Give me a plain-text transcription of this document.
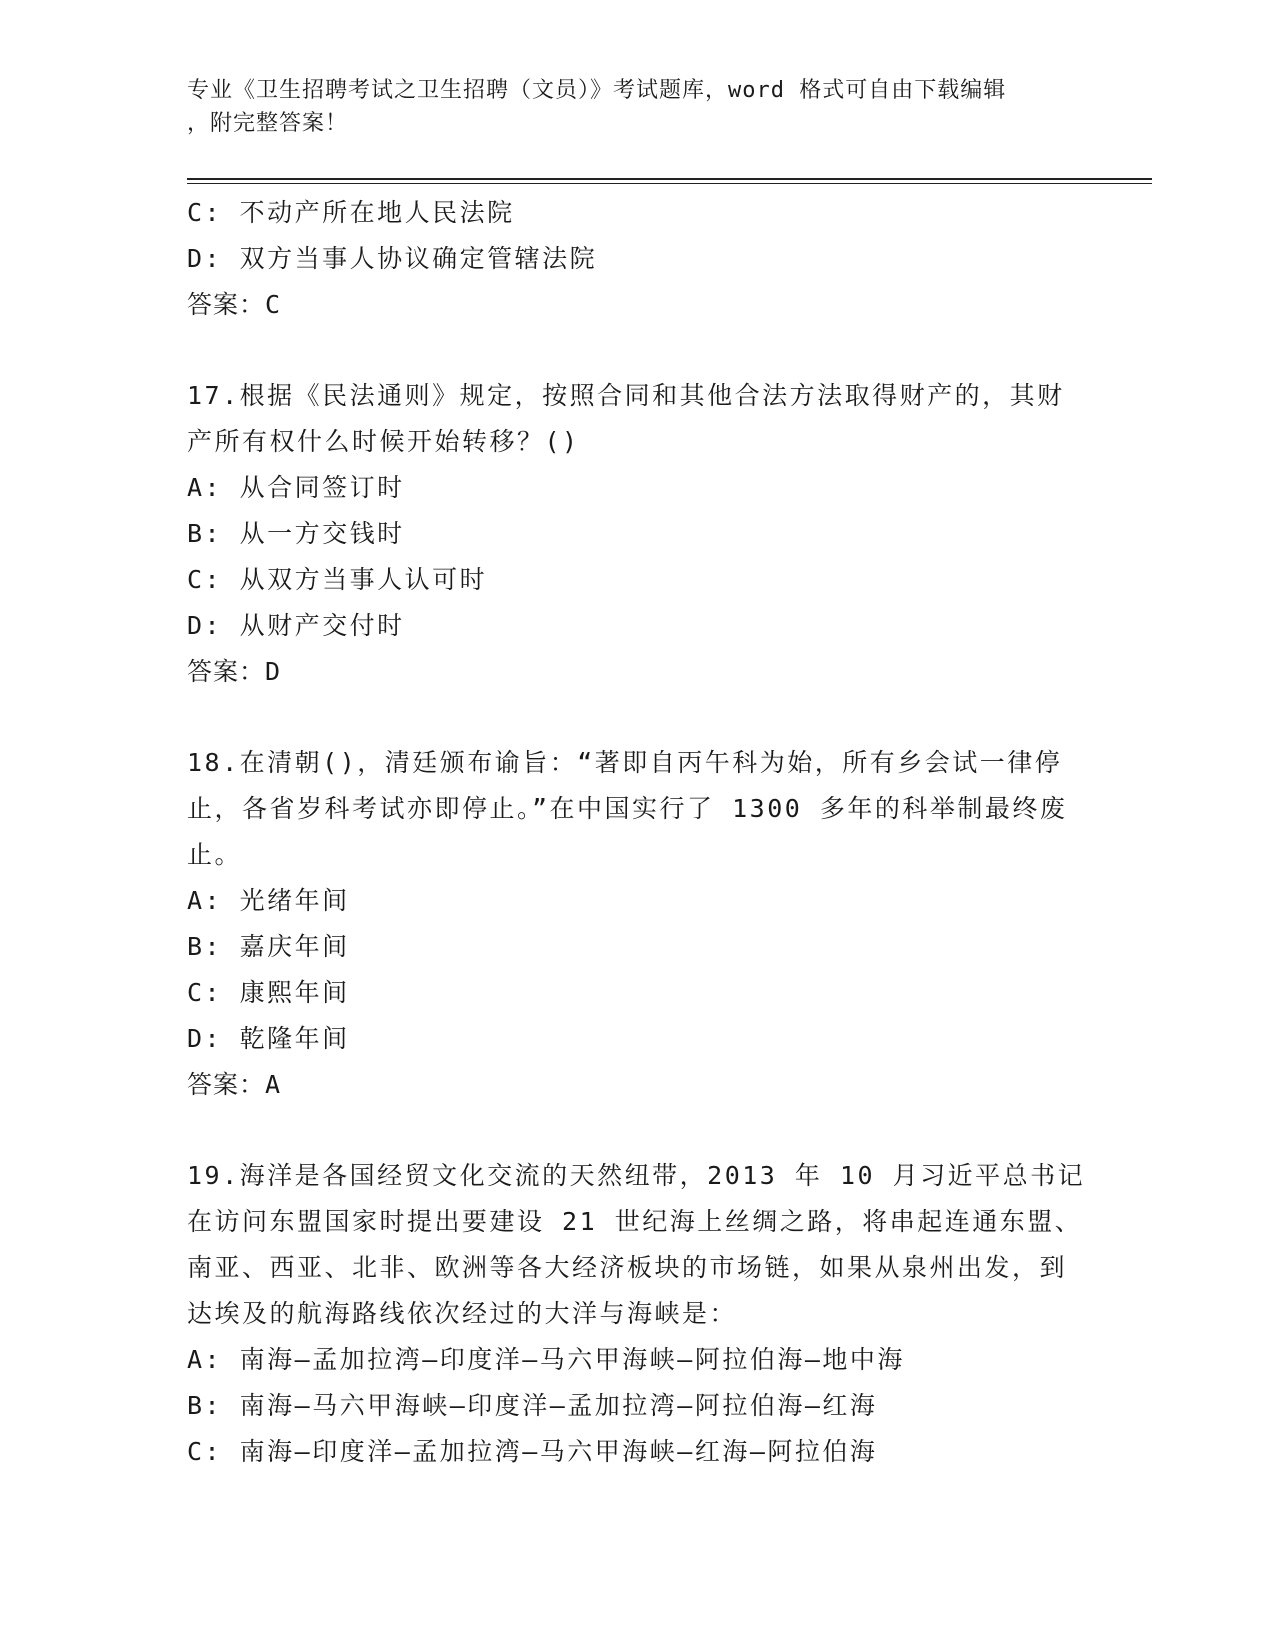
专业《卫生招聘考试之卫生招聘（文员）》考试题库，word 格式可自由下载编辑
，附完整答案！
C: 不动产所在地人民法院
D: 双方当事人协议确定管辖法院
答案：C
17.根据《民法通则》规定，按照合同和其他合法方法取得财产的，其财产所有权什么时候开始转移？()
A: 从合同签订时
B: 从一方交钱时
C: 从双方当事人认可时
D: 从财产交付时
答案：D
18.在清朝()，清廷颁布谕旨：“著即自丙午科为始，所有乡会试一律停止，各省岁科考试亦即停止。”在中国实行了 1300 多年的科举制最终废止。
A: 光绪年间
B: 嘉庆年间
C: 康熙年间
D: 乾隆年间
答案：A
19.海洋是各国经贸文化交流的天然纽带，2013 年 10 月习近平总书记在访问东盟国家时提出要建设 21 世纪海上丝绸之路，将串起连通东盟、南亚、西亚、北非、欧洲等各大经济板块的市场链，如果从泉州出发，到达埃及的航海路线依次经过的大洋与海峡是：
A: 南海—孟加拉湾—印度洋—马六甲海峡—阿拉伯海—地中海
B: 南海—马六甲海峡—印度洋—孟加拉湾—阿拉伯海—红海
C: 南海—印度洋—孟加拉湾—马六甲海峡—红海—阿拉伯海
